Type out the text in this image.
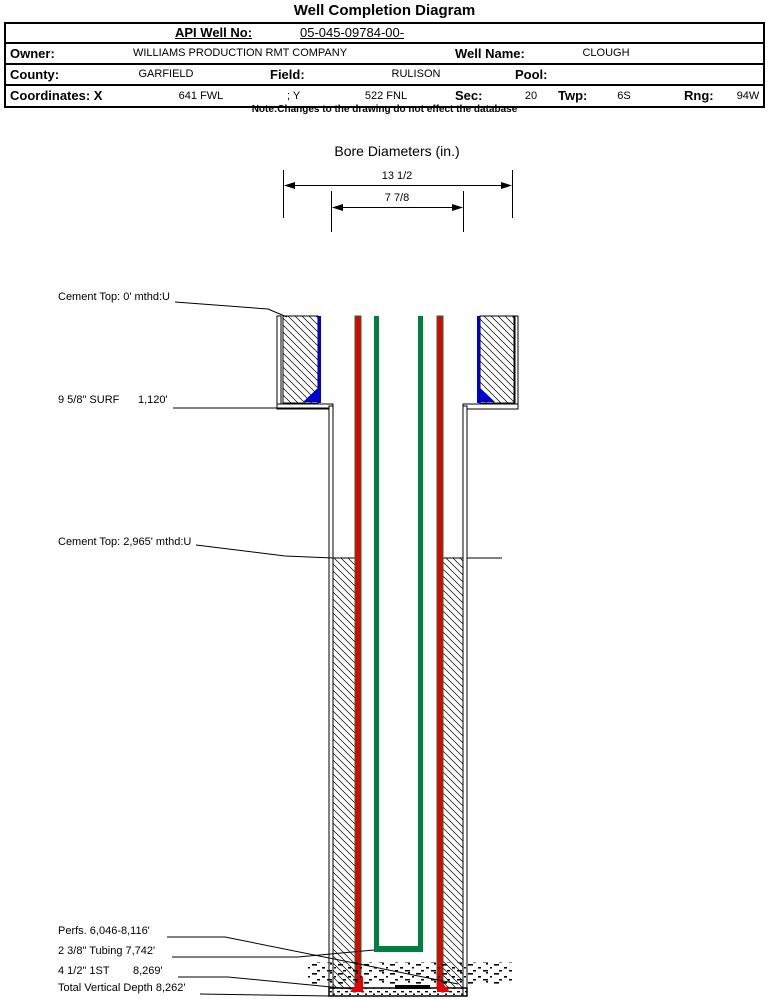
Well Completion Diagram
API Well No:	05-045-09784-00-
Owner:	WILLIAMS PRODUCTION RMT COMPANY	Well Name:	CLOUGH
County:	GARFIELD	Field:	RULISON	Pool:
Coordinates: X	641 FWL	; Y	522 FNL	Sec:	20	Twp:	6S	Rng:	94W
Note:Changes to the drawing do not effect the database
Bore Diameters (in.)
13 1/2
7 7/8
Cement Top: 0' mthd:U
9 5/8" SURF 1,120'
Cement Top: 2,965' mthd:U
Perfs. 6,046-8,116'
2 3/8" Tubing 7,742'
4 1/2" 1ST 8,269'
Total Vertical Depth 8,262'
